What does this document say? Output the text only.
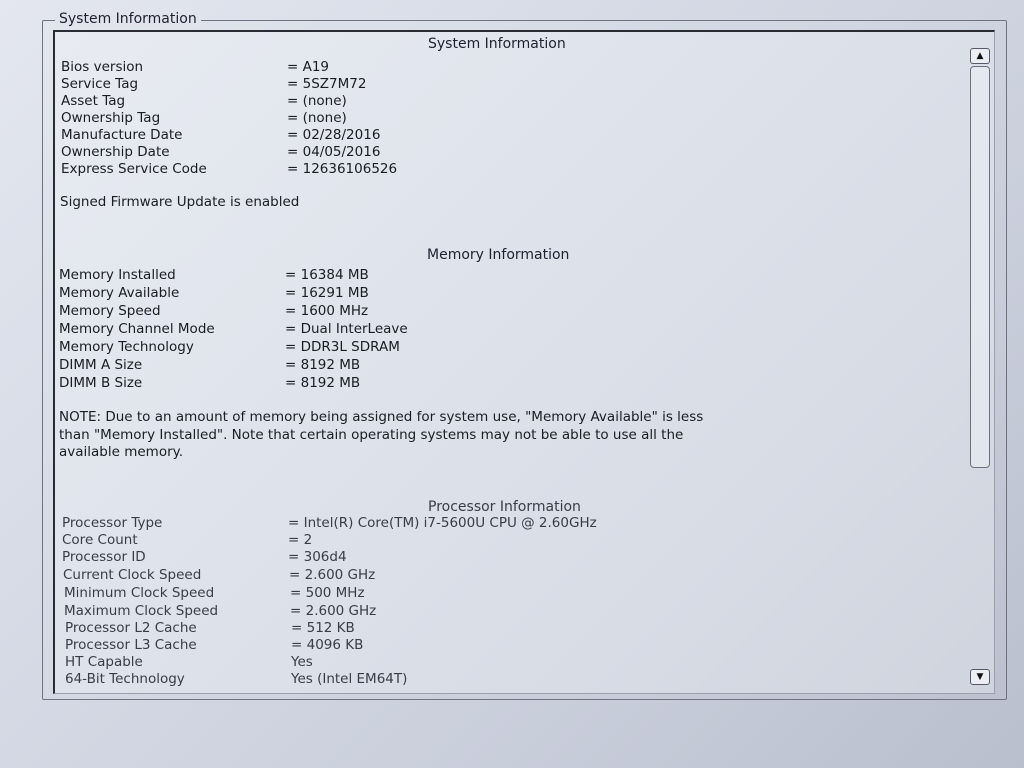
System Information
System Information
Bios version	= A19
Service Tag	= 5SZ7M72
Asset Tag	= (none)
Ownership Tag	= (none)
Manufacture Date	= 02/28/2016
Ownership Date	= 04/05/2016
Express Service Code	= 12636106526
Signed Firmware Update is enabled
Memory Information
Memory Installed	= 16384 MB
Memory Available	= 16291 MB
Memory Speed	= 1600 MHz
Memory Channel Mode	= Dual InterLeave
Memory Technology	= DDR3L SDRAM
DIMM A Size	= 8192 MB
DIMM B Size	= 8192 MB
NOTE: Due to an amount of memory being assigned for system use, "Memory Available" is less
than "Memory Installed". Note that certain operating systems may not be able to use all the
available memory.
Processor Information
Processor Type	= Intel(R) Core(TM) i7-5600U CPU @ 2.60GHz
Core Count	= 2
Processor ID	= 306d4
Current Clock Speed	= 2.600 GHz
Minimum Clock Speed	= 500 MHz
Maximum Clock Speed	= 2.600 GHz
Processor L2 Cache	= 512 KB
Processor L3 Cache	= 4096 KB
HT Capable	Yes
64-Bit Technology	Yes (Intel EM64T)
▲
▼
